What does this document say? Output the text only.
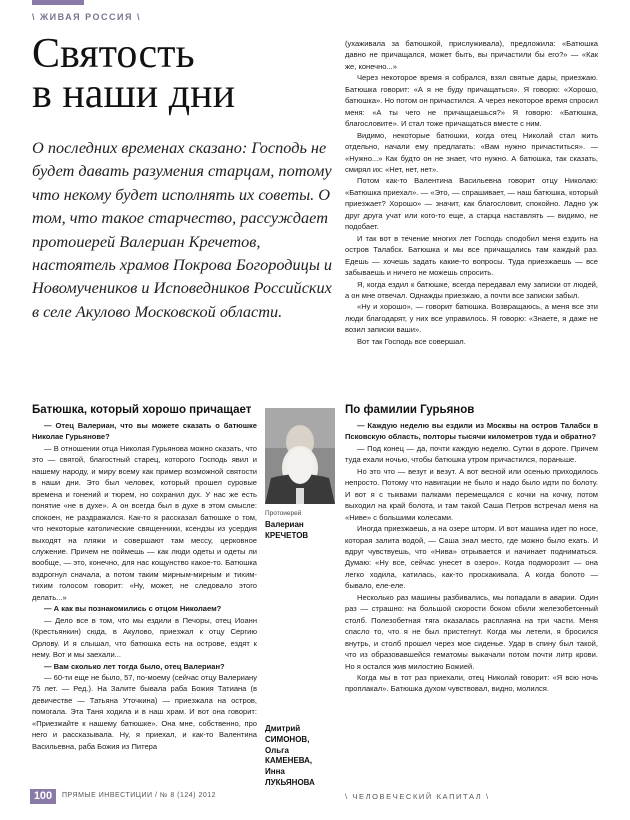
\ ЖИВАЯ РОССИЯ \
Святость
в наши дни
О последних временах сказано: Господь не будет давать разумения старцам, потому что некому будет исполнять их советы. О том, что такое старчество, рассуждает протоиерей Валериан Кречетов, настоятель храмов Покрова Богородицы и Новомучеников и Исповедников Российских в селе Акулово Московской области.

(ухаживала за батюшкой, прислуживала), предложила: «Батюшка давно не причащался, может быть, вы причастили бы его?» — «Как же, конечно...»

Через некоторое время я собрался, взял святые дары, приезжаю. Батюшка говорит: «А я не буду причащаться». Я говорю: «Хорошо, батюшка». Но потом он причастился. А через некоторое время спросил меня: «А ты чего не причащаешься?» Я говорю: «Батюшка, благословите». И стал тоже причащаться вместе с ним.

Видимо, некоторые батюшки, когда отец Николай стал жить отдельно, начали ему предлагать: «Вам нужно причаститься». — «Нужно...» Как будто он не знает, что нужно. А батюшка, так сказать, смирял их: «Нет, нет, нет».

Потом как-то Валентина Васильевна говорит отцу Николаю: «Батюшка приехал». — «Это, — спрашивает, — наш батюшка, который приезжает? Хорошо» — значит, как благословит, спокойно. Ладно уж друг друга учат или кого-то еще, а старца наставлять — видимо, не подобает.

И так вот в течение многих лет Господь сподобил меня ездить на остров Талабск. Батюшка и мы все причащались там каждый раз. Едешь — хочешь задать какие-то вопросы. Туда приезжаешь — все забываешь и ничего не можешь спросить.

Я, когда ездил к батюшке, всегда передавал ему записки от людей, а он мне отвечал. Однажды приезжаю, а почти все записки забыл.

«Ну и хорошо», — говорит батюшка. Возвращаюсь, а меня все эти люди благодарят, у них все управилось. Я говорю: «Знаете, я даже не возил записки ваши».

Вот так Господь все совершал.

Батюшка, который хорошо причащает

— Отец Валериан, что вы можете сказать о батюшке Николае Гурьянове?

— В отношении отца Николая Гурьянова можно сказать, что это — святой, благостный старец, которого Господь явил и нашему народу, и миру всему как пример возможной святости в наши дни. Это был человек, который прошел суровые времена и гонений и тюрем, но сохранил дух. У нас же есть понятие «не в духе». А он всегда был в духе в этом смысле: спокоен, не раздражался. Как-то я рассказал батюшке о том, что некоторые католические священники, ксендзы из усердия выходят на пляжи и совершают там мессу, церковное служение. Причем не поймешь — как люди одеты и одеты ли вообще, — это, конечно, для нас кощунство какое-то. Батюшка вздрогнул сначала, а потом таким мирным-мирным и тихим-тихим голосом говорит: «Ну, может, не следовало этого делать...»

— А как вы познакомились с отцом Николаем?

— Дело все в том, что мы ездили в Печоры, отец Иоанн (Крестьянкин) сюда, в Акулово, приезжал к отцу Сергию Орлову. И я слышал, что батюшка есть на острове, ездят к нему. Вот и мы заехали...

— Вам сколько лет тогда было, отец Валериан?

— 60-ти еще не было, 57, по-моему (сейчас отцу Валериану 75 лет. — Ред.). На Залите бывала раба Божия Татиана (в девичестве — Татьяна Уточкина) — приезжала на остров, помогала. Эта Таня ходила и в наш храм. И вот она говорит: «Приезжайте к нашему батюшке». Она мне, собственно, про него и рассказывала. Ну, я приехал, и как-то Валентина Васильевна, раба Божия из Питера

Протоиерей
Валериан
КРЕЧЕТОВ
Дмитрий
СИМОНОВ,
Ольга
КАМЕНЕВА,
Инна
ЛУКЬЯНОВА
По фамилии Гурьянов

— Каждую неделю вы ездили из Москвы на остров Талабск в Псковскую область, полторы тысячи километров туда и обратно?

— Под конец — да, почти каждую неделю. Сутки в дороге. Причем туда ехали ночью, чтобы батюшка утром причастился, пораньше.

Но это что — везут и везут. А вот весной или осенью приходилось непросто. Потому что навигации не было и надо было идти по болоту. И вот я с тыквами палками перемещался с кочки на кочку, потом выходил на край болота, и там такой Саша Петров встречал меня на «Ниве» с большими колесами.

Иногда приезжаешь, а на озере шторм. И вот машина идет по носе, которая залита водой, — Саша знал место, где можно было ехать. И вдруг чувствуешь, что «Нива» отрывается и начинает подниматься. Думаю: «Ну все, сейчас унесет в озеро». Когда подморозит — она легко ходила, катилась, как-то проскакивала. А когда болото — бывало, еле-еле.

Несколько раз машины разбивались, мы попадали в аварии. Один раз — страшно: на большой скорости боком сбили железобетонный столб. Полезобетная тяга оказалась расплаяна на три части. Меня спасло то, что я не был пристегнут. Когда мы летели, я бросился внутрь, и столб прошел через мое сиденье. Удар в спину был такой, что из образовавшейся гематомы выкачали потом почти литр крови. Но я остался жив милостию Божией.

Когда мы в тот раз приехали, отец Николай говорит: «Я всю ночь проплакал». Батюшка духом чувствовал, видно, молился.

100	ПРЯМЫЕ ИНВЕСТИЦИИ / № 8 (124) 2012	\ ЧЕЛОВЕЧЕСКИЙ КАПИТАЛ \
